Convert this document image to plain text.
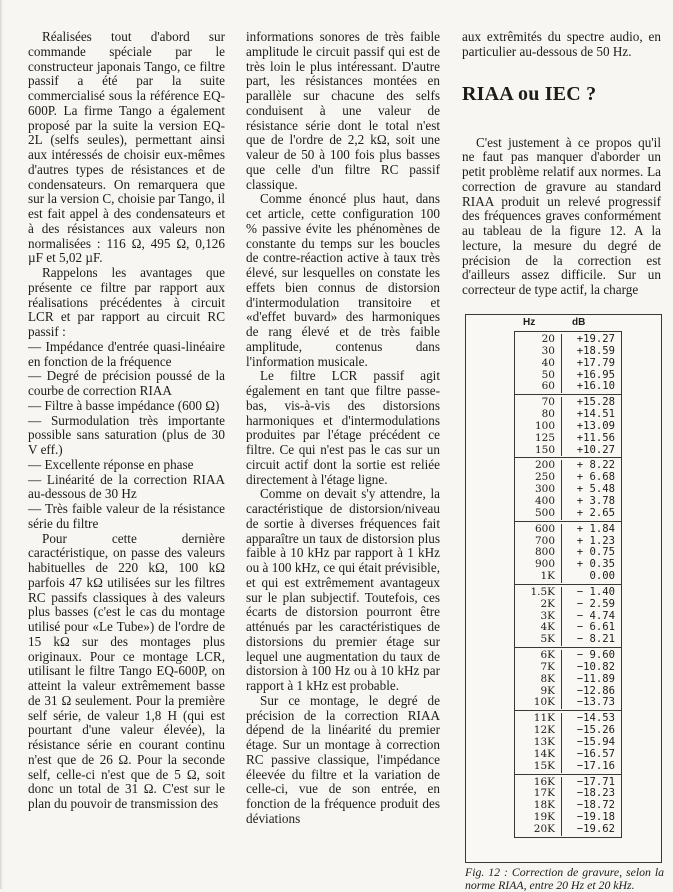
Réalisées tout d'abord sur commande spéciale par le constructeur japonais Tango, ce filtre passif a été par la suite commercialisé sous la référence EQ-600P. La firme Tango a également proposé par la suite la version EQ-2L (selfs seules), permettant ainsi aux intéressés de choisir eux-mêmes d'autres types de résistances et de condensateurs. On remarquera que sur la version C, choisie par Tango, il est fait appel à des condensateurs et à des résistances aux valeurs non normalisées : 116 Ω, 495 Ω, 0,126 µF et 5,02 µF.

Rappelons les avantages que présente ce filtre par rapport aux réalisations précédentes à circuit LCR et par rapport au circuit RC passif :

— Impédance d'entrée quasi-linéaire en fonction de la fréquence

— Degré de précision poussé de la courbe de correction RIAA

— Filtre à basse impédance (600 Ω)

— Surmodulation très importante possible sans saturation (plus de 30 V eff.)

— Excellente réponse en phase

— Linéarité de la correction RIAA au-dessous de 30 Hz

— Très faible valeur de la résistance série du filtre

Pour cette dernière caractéristique, on passe des valeurs habituelles de 220 kΩ, 100 kΩ parfois 47 kΩ utilisées sur les filtres RC passifs classiques à des valeurs plus basses (c'est le cas du montage utilisé pour «Le Tube») de l'ordre de 15 kΩ sur des montages plus originaux. Pour ce montage LCR, utilisant le filtre Tango EQ-600P, on atteint la valeur extrêmement basse de 31 Ω seulement. Pour la première self série, de valeur 1,8 H (qui est pourtant d'une valeur élevée), la résistance série en courant continu n'est que de 26 Ω. Pour la seconde self, celle-ci n'est que de 5 Ω, soit donc un total de 31 Ω. C'est sur le plan du pouvoir de transmission des

informations sonores de très faible amplitude le circuit passif qui est de très loin le plus intéressant. D'autre part, les résistances montées en parallèle sur chacune des selfs conduisent à une valeur de résistance série dont le total n'est que de l'ordre de 2,2 kΩ, soit une valeur de 50 à 100 fois plus basses que celle d'un filtre RC passif classique.

Comme énoncé plus haut, dans cet article, cette configuration 100 % passive évite les phénomènes de constante du temps sur les boucles de contre-réaction active à taux très élevé, sur lesquelles on constate les effets bien connus de distorsion d'intermodulation transitoire et «d'effet buvard» des harmoniques de rang élevé et de très faible amplitude, contenus dans l'information musicale.

Le filtre LCR passif agit également en tant que filtre passe-bas, vis-à-vis des distorsions harmoniques et d'intermodulations produites par l'étage précédent ce filtre. Ce qui n'est pas le cas sur un circuit actif dont la sortie est reliée directement à l'étage ligne.

Comme on devait s'y attendre, la caractéristique de distorsion/niveau de sortie à diverses fréquences fait apparaître un taux de distorsion plus faible à 10 kHz par rapport à 1 kHz ou à 100 kHz, ce qui était prévisible, et qui est extrêmement avantageux sur le plan subjectif. Toutefois, ces écarts de distorsion pourront être atténués par les caractéristiques de distorsions du premier étage sur lequel une augmentation du taux de distorsion à 100 Hz ou à 10 kHz par rapport à 1 kHz est probable.

Sur ce montage, le degré de précision de la correction RIAA dépend de la linéarité du premier étage. Sur un montage à correction RC passive classique, l'impédance éleevée du filtre et la variation de celle-ci, vue de son entrée, en fonction de la fréquence produit des déviations

aux extrêmités du spectre audio, en particulier au-dessous de 50 Hz.

RIAA ou IEC ?

C'est justement à ce propos qu'il ne faut pas manquer d'aborder un petit problème relatif aux normes. La correction de gravure au standard RIAA produit un relevé progressif des fréquences graves conformément au tableau de la figure 12. A la lecture, la mesure du degré de précision de la correction est d'ailleurs assez difficile. Sur un correcteur de type actif, la charge

Hz	dB
20	+19.27
30	+18.59
40	+17.79
50	+16.95
60	+16.10
70	+15.28
80	+14.51
100	+13.09
125	+11.56
150	+10.27
200	+ 8.22
250	+ 6.68
300	+ 5.48
400	+ 3.78
500	+ 2.65
600	+ 1.84
700	+ 1.23
800	+ 0.75
900	+ 0.35
1K	0.00
1.5K	− 1.40
2K	− 2.59
3K	− 4.74
4K	− 6.61
5K	− 8.21
6K	− 9.60
7K	−10.82
8K	−11.89
9K	−12.86
10K	−13.73
11K	−14.53
12K	−15.26
13K	−15.94
14K	−16.57
15K	−17.16
16K	−17.71
17K	−18.23
18K	−18.72
19K	−19.18
20K	−19.62
Fig. 12 : Correction de gravure, selon la norme RIAA, entre 20 Hz et 20 kHz.
